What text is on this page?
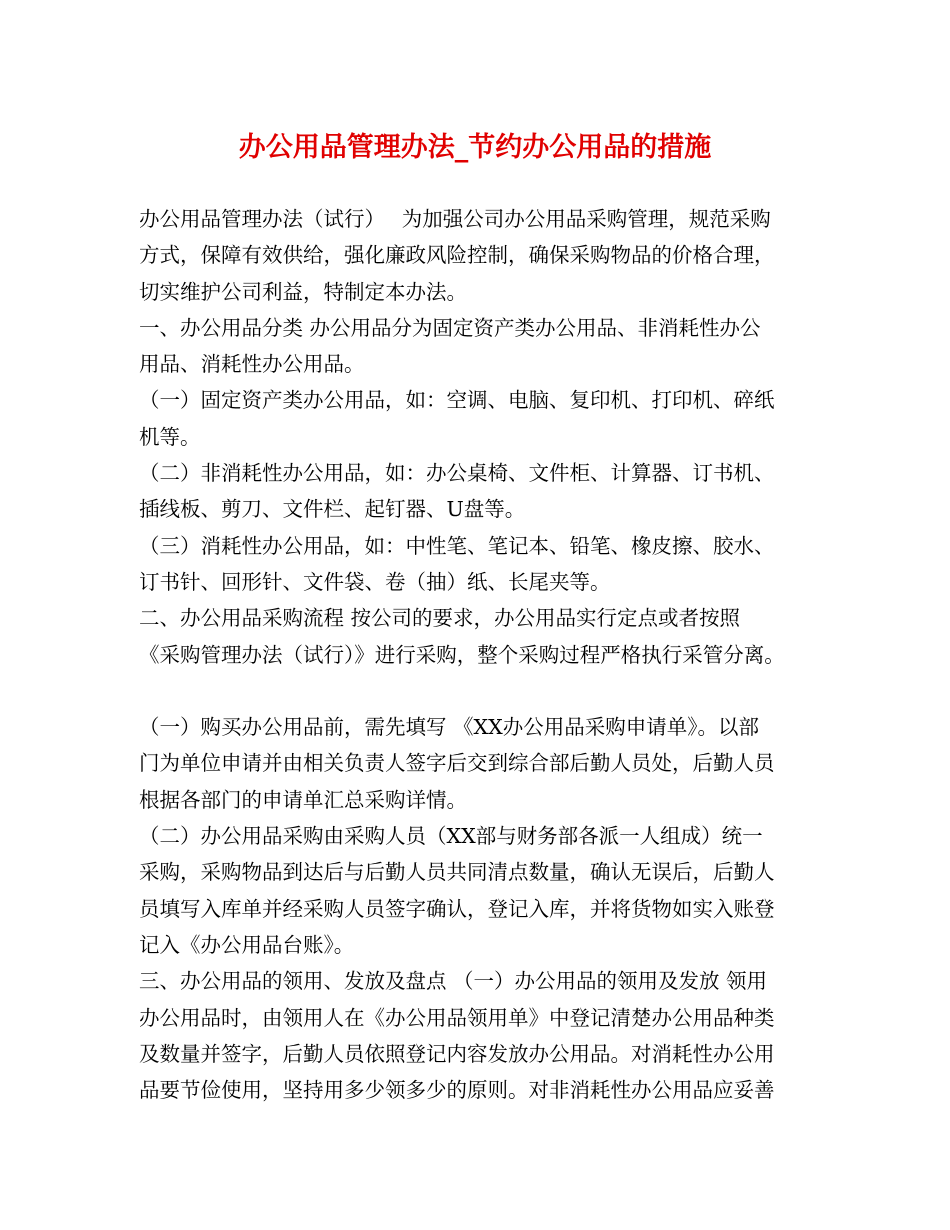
办公用品管理办法_节约办公用品的措施
办公用品管理办法（试行）　 为加强公司办公用品采购管理，规范采购
方式，保障有效供给，强化廉政风险控制，确保采购物品的价格合理，
切实维护公司利益，特制定本办法。
一、办公用品分类 办公用品分为固定资产类办公用品、非消耗性办公
用品、消耗性办公用品。
（一）固定资产类办公用品，如：空调、电脑、复印机、打印机、碎纸
机等。
（二）非消耗性办公用品，如：办公桌椅、文件柜、计算器、订书机、
插线板、剪刀、文件栏、起钉器、U盘等。
（三）消耗性办公用品，如：中性笔、笔记本、铅笔、橡皮擦、胶水、
订书针、回形针、文件袋、卷（抽）纸、长尾夹等。
二、办公用品采购流程 按公司的要求，办公用品实行定点或者按照
《采购管理办法（试行）》进行采购，整个采购过程严格执行采管分离。
（一）购买办公用品前，需先填写 《XX办公用品采购申请单》。以部
门为单位申请并由相关负责人签字后交到综合部后勤人员处，后勤人员
根据各部门的申请单汇总采购详情。
（二）办公用品采购由采购人员（XX部与财务部各派一人组成）统一
采购，采购物品到达后与后勤人员共同清点数量，确认无误后，后勤人
员填写入库单并经采购人员签字确认，登记入库，并将货物如实入账登
记入《办公用品台账》。
三、办公用品的领用、发放及盘点 （一）办公用品的领用及发放 领用
办公用品时，由领用人在《办公用品领用单》中登记清楚办公用品种类
及数量并签字，后勤人员依照登记内容发放办公用品。对消耗性办公用
品要节俭使用，坚持用多少领多少的原则。对非消耗性办公用品应妥善
